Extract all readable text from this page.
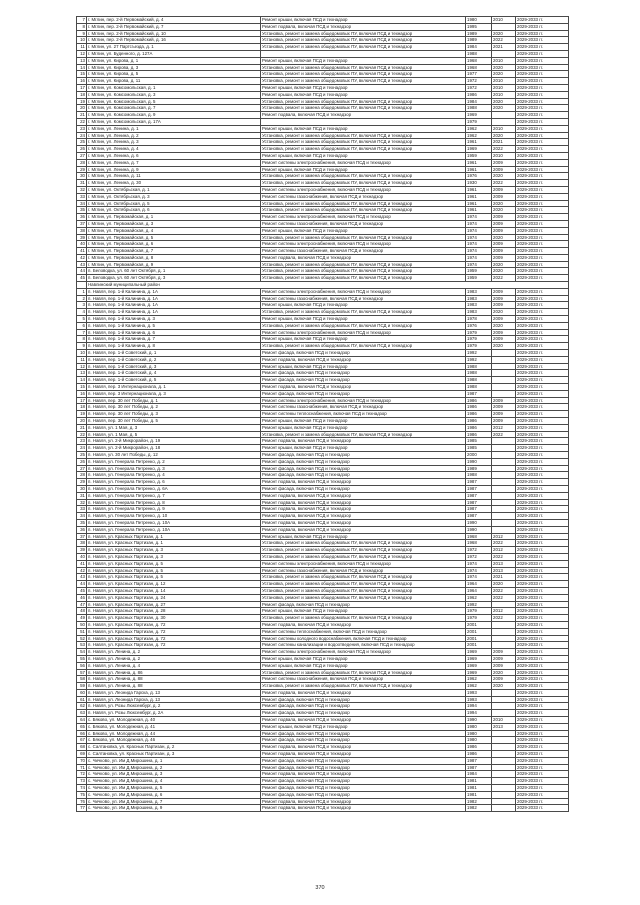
7	г. Мглин, пер. 2-й Первомайский, д. 4	Ремонт крыши, включая ПСД и технадзор	1980	2010	2029-2033 гг.
8	г. Мглин, пер. 2-й Первомайский, д. 7	Ремонт подвала, включая ПСД и технадзор	1995		2029-2033 гг.
9	г. Мглин, пер. 2-й Первомайский, д. 10	Установка, ремонт и замена общедомовых ПУ, включая ПСД и технадзор	1989	2020	2029-2033 гг.
10	г. Мглин, пер. 2-й Первомайский, д. 16	Установка, ремонт и замена общедомовых ПУ, включая ПСД и технадзор	1989	2022	2029-2033 гг.
11	г. Мглин, ул. 27 Партсъезда, д. 1	Установка, ремонт и замена общедомовых ПУ, включая ПСД и технадзор	1984	2021	2029-2033 гг.
12	г. Мглин, ул. Буденного, д. 127А		1988		2029-2033 гг.
13	г. Мглин, ул. Кирова, д. 1	Ремонт крыши, включая ПСД и технадзор	1968	2010	2029-2033 гг.
14	г. Мглин, ул. Кирова, д. 3	Установка, ремонт и замена общедомовых ПУ, включая ПСД и технадзор	1968	2020	2029-2033 гг.
15	г. Мглин, ул. Кирова, д. 5	Установка, ремонт и замена общедомовых ПУ, включая ПСД и технадзор	1977	2020	2029-2033 гг.
16	г. Мглин, ул. Кирова, д. 11	Установка, ремонт и замена общедомовых ПУ, включая ПСД и технадзор	1972	2010	2029-2033 гг.
17	г. Мглин, ул. Комсомольская, д. 1	Ремонт крыши, включая ПСД и технадзор	1972	2010	2029-2033 гг.
18	г. Мглин, ул. Комсомольская, д. 3	Ремонт крыши, включая ПСД и технадзор	1986	2010	2029-2033 гг.
19	г. Мглин, ул. Комсомольская, д. 5	Установка, ремонт и замена общедомовых ПУ, включая ПСД и технадзор	1984	2020	2029-2033 гг.
20	г. Мглин, ул. Комсомольская, д. 7	Установка, ремонт и замена общедомовых ПУ, включая ПСД и технадзор	1988	2020	2029-2033 гг.
21	г. Мглин, ул. Комсомольская, д. 9	Ремонт подвала, включая ПСД и технадзор	1969		2029-2033 гг.
22	г. Мглин, ул. Комсомольская, д. 17А		1979		2029-2033 гг.
23	г. Мглин, ул. Ленина, д. 1	Ремонт крыши, включая ПСД и технадзор	1962	2010	2029-2033 гг.
24	г. Мглин, ул. Ленина, д. 2	Установка, ремонт и замена общедомовых ПУ, включая ПСД и технадзор	1962	2020	2029-2033 гг.
25	г. Мглин, ул. Ленина, д. 3	Установка, ремонт и замена общедомовых ПУ, включая ПСД и технадзор	1961	2021	2029-2033 гг.
26	г. Мглин, ул. Ленина, д. 4	Установка, ремонт и замена общедомовых ПУ, включая ПСД и технадзор	1969	2022	2029-2033 гг.
27	г. Мглин, ул. Ленина, д. 6	Ремонт крыши, включая ПСД и технадзор	1959	2010	2029-2033 гг.
28	г. Мглин, ул. Ленина, д. 7	Ремонт системы электроснабжения, включая ПСД и технадзор	1961	2009	2029-2033 гг.
29	г. Мглин, ул. Ленина, д. 9	Ремонт крыши, включая ПСД и технадзор	1961	2009	2029-2033 гг.
30	г. Мглин, ул. Ленина, д. 11	Установка, ремонт и замена общедомовых ПУ, включая ПСД и технадзор	1976	2020	2029-2033 гг.
31	г. Мглин, ул. Ленина, д. 30	Установка, ремонт и замена общедомовых ПУ, включая ПСД и технадзор	1930	2022	2029-2033 гг.
32	г. Мглин, ул. Октябрьская, д. 1	Ремонт системы электроснабжения, включая ПСД и технадзор	1961	2009	2029-2033 гг.
33	г. Мглин, ул. Октябрьская, д. 3	Ремонт системы газоснабжения, включая ПСД и технадзор	1961	2009	2029-2033 гг.
34	г. Мглин, ул. Октябрьская, д. 5	Установка, ремонт и замена общедомовых ПУ, включая ПСД и технадзор	1961	2020	2029-2033 гг.
35	г. Мглин, ул. Октябрьская, д. 6	Установка, ремонт и замена общедомовых ПУ, включая ПСД и технадзор	1961	2020	2029-2033 гг.
36	г. Мглин, ул. Первомайская, д. 1	Ремонт системы электроснабжения, включая ПСД и технадзор	1974	2009	2029-2033 гг.
37	г. Мглин, ул. Первомайская, д. 3	Ремонт системы газоснабжения, включая ПСД и технадзор	1974	2009	2029-2033 гг.
38	г. Мглин, ул. Первомайская, д. 4	Ремонт крыши, включая ПСД и технадзор	1974	2009	2029-2033 гг.
39	г. Мглин, ул. Первомайская, д. 5	Установка, ремонт и замена общедомовых ПУ, включая ПСД и технадзор	1974	2020	2029-2033 гг.
40	г. Мглин, ул. Первомайская, д. 6	Ремонт системы электроснабжения, включая ПСД и технадзор	1974	2009	2029-2033 гг.
41	г. Мглин, ул. Первомайская, д. 7	Ремонт системы газоснабжения, включая ПСД и технадзор	1974	2009	2029-2033 гг.
42	г. Мглин, ул. Первомайская, д. 8	Ремонт подвала, включая ПСД и технадзор	1974	2009	2029-2033 гг.
43	г. Мглин, ул. Первомайская, д. 9	Установка, ремонт и замена общедомовых ПУ, включая ПСД и технадзор	1974	2020	2029-2033 гг.
44	п. Беловодка, ул. 60 лет Октября, д. 1	Установка, ремонт и замена общедомовых ПУ, включая ПСД и технадзор	1959	2020	2029-2033 гг.
45	п. Беловодка, ул. 60 лет Октября, д. 3	Установка, ремонт и замена общедомовых ПУ, включая ПСД и технадзор	1959	2022	2029-2033 гг.
	Навлинский муниципальный район				
1	п. Навля, пер. 1-й Калинина, д. 1А	Ремонт системы электроснабжения, включая ПСД и технадзор	1983	2009	2029-2033 гг.
2	п. Навля, пер. 1-й Калинина, д. 1А	Ремонт системы газоснабжения, включая ПСД и технадзор	1983	2009	2029-2033 гг.
3	п. Навля, пер. 1-й Калинина, д. 1А	Ремонт крыши, включая ПСД и технадзор	1983	2009	2029-2033 гг.
4	п. Навля, пер. 1-й Калинина, д. 1А	Установка, ремонт и замена общедомовых ПУ, включая ПСД и технадзор	1983	2020	2029-2033 гг.
5	п. Навля, пер. 1-й Калинина, д. 3	Ремонт крыши, включая ПСД и технадзор	1978	2009	2029-2033 гг.
6	п. Навля, пер. 1-й Калинина, д. 5	Установка, ремонт и замена общедомовых ПУ, включая ПСД и технадзор	1976	2020	2029-2033 гг.
7	п. Навля, пер. 1-й Калинина, д. 6	Ремонт системы электроснабжения, включая ПСД и технадзор	1979	2009	2029-2033 гг.
8	п. Навля, пер. 1-й Калинина, д. 7	Ремонт крыши, включая ПСД и технадзор	1979	2009	2029-2033 гг.
9	п. Навля, пер. 1-й Калинина, д. 8	Установка, ремонт и замена общедомовых ПУ, включая ПСД и технадзор	1979	2020	2029-2033 гг.
10	п. Навля, пер. 1-й Советский, д. 1	Ремонт фасада, включая ПСД и технадзор	1992		2029-2033 гг.
11	п. Навля, пер. 1-й Советский, д. 2	Ремонт подвала, включая ПСД и технадзор	1992		2029-2033 гг.
12	п. Навля, пер. 1-й Советский, д. 3	Ремонт крыши, включая ПСД и технадзор	1988		2029-2033 гг.
13	п. Навля, пер. 1-й Советский, д. 4	Ремонт фасада, включая ПСД и технадзор	1988		2029-2033 гг.
14	п. Навля, пер. 1-й Советский, д. 5	Ремонт фасада, включая ПСД и технадзор	1988		2029-2033 гг.
15	п. Навля, пер. 3 Интернационала, д. 1	Ремонт подвала, включая ПСД и технадзор	1988		2029-2033 гг.
16	п. Навля, пер. 3 Интернационала, д. 3	Ремонт фасада, включая ПСД и технадзор	1987		2029-2033 гг.
17	п. Навля, пер. 30 лет Победы, д. 1	Ремонт системы электроснабжения, включая ПСД и технадзор	1986	2009	2029-2033 гг.
18	п. Навля, пер. 30 лет Победы, д. 2	Ремонт системы газоснабжения, включая ПСД и технадзор	1986	2009	2029-2033 гг.
19	п. Навля, пер. 30 лет Победы, д. 3	Ремонт системы теплоснабжения, включая ПСД и технадзор	1986	2009	2029-2033 гг.
20	п. Навля, пер. 30 лет Победы, д. 5	Ремонт крыши, включая ПСД и технадзор	1986	2009	2029-2033 гг.
21	п. Навля, ул. 1 Мая, д. 3	Ремонт крыши, включая ПСД и технадзор	1986	2012	2029-2033 гг.
22	п. Навля, ул. 1 Мая, д. 5	Установка, ремонт и замена общедомовых ПУ, включая ПСД и технадзор	1986	2022	2029-2033 гг.
23	п. Навля, ул. 2-й Микрорайон, д. 19	Ремонт подвала, включая ПСД и технадзор	1985		2029-2033 гг.
24	п. Навля, ул. 2-й Микрорайон, д. 18	Ремонт крыши, включая ПСД и технадзор	1985		2029-2033 гг.
25	п. Навля, ул. 30 лет Победы, д. 12	Ремонт фасада, включая ПСД и технадзор	2000		2029-2033 гг.
26	п. Навля, ул. Генерала Петренко, д. 2	Ремонт фасада, включая ПСД и технадзор	1990		2029-2033 гг.
27	п. Навля, ул. Генерала Петренко, д. 3	Ремонт фасада, включая ПСД и технадзор	1989		2029-2033 гг.
28	п. Навля, ул. Генерала Петренко, д. 4	Ремонт фасада, включая ПСД и технадзор	1988		2029-2033 гг.
29	п. Навля, ул. Генерала Петренко, д. 6	Ремонт подвала, включая ПСД и технадзор	1987		2029-2033 гг.
30	п. Навля, ул. Генерала Петренко, д. 6А	Ремонт фасада, включая ПСД и технадзор	1987		2029-2033 гг.
31	п. Навля, ул. Генерала Петренко, д. 7	Ремонт подвала, включая ПСД и технадзор	1987		2029-2033 гг.
32	п. Навля, ул. Генерала Петренко, д. 8	Ремонт подвала, включая ПСД и технадзор	1987		2029-2033 гг.
33	п. Навля, ул. Генерала Петренко, д. 9	Ремонт подвала, включая ПСД и технадзор	1987		2029-2033 гг.
34	п. Навля, ул. Генерала Петренко, д. 10	Ремонт подвала, включая ПСД и технадзор	1987		2029-2033 гг.
35	п. Навля, ул. Генерала Петренко, д. 10А	Ремонт подвала, включая ПСД и технадзор	1990		2029-2033 гг.
36	п. Навля, ул. Генерала Петренко, д. 10А	Ремонт подвала, включая ПСД и технадзор	1990		2029-2033 гг.
37	п. Навля, ул. Красных Партизан, д. 1	Ремонт крыши, включая ПСД и технадзор	1968	2012	2029-2033 гг.
38	п. Навля, ул. Красных Партизан, д. 1	Установка, ремонт и замена общедомовых ПУ, включая ПСД и технадзор	1968	2022	2029-2033 гг.
39	п. Навля, ул. Красных Партизан, д. 3	Установка, ремонт и замена общедомовых ПУ, включая ПСД и технадзор	1972	2012	2029-2033 гг.
40	п. Навля, ул. Красных Партизан, д. 3	Установка, ремонт и замена общедомовых ПУ, включая ПСД и технадзор	1972	2022	2029-2033 гг.
41	п. Навля, ул. Красных Партизан, д. 5	Ремонт системы электроснабжения, включая ПСД и технадзор	1974	2013	2029-2033 гг.
42	п. Навля, ул. Красных Партизан, д. 5	Ремонт системы газоснабжения, включая ПСД и технадзор	1974	2013	2029-2033 гг.
43	п. Навля, ул. Красных Партизан, д. 5	Установка, ремонт и замена общедомовых ПУ, включая ПСД и технадзор	1974	2021	2029-2033 гг.
44	п. Навля, ул. Красных Партизан, д. 12	Установка, ремонт и замена общедомовых ПУ, включая ПСД и технадзор	1964	2020	2029-2033 гг.
45	п. Навля, ул. Красных Партизан, д. 14	Установка, ремонт и замена общедомовых ПУ, включая ПСД и технадзор	1964	2022	2029-2033 гг.
46	п. Навля, ул. Красных Партизан, д. 24	Установка, ремонт и замена общедомовых ПУ, включая ПСД и технадзор	1962	2022	2029-2033 гг.
47	п. Навля, ул. Красных Партизан, д. 27	Ремонт фасада, включая ПСД и технадзор	1992		2029-2033 гг.
48	п. Навля, ул. Красных Партизан, д. 28	Ремонт крыши, включая ПСД и технадзор	1979	2012	2029-2033 гг.
49	п. Навля, ул. Красных Партизан, д. 30	Установка, ремонт и замена общедомовых ПУ, включая ПСД и технадзор	1979	2022	2029-2033 гг.
50	п. Навля, ул. Красных Партизан, д. 72	Ремонт подвала, включая ПСД и технадзор	2001		2029-2033 гг.
51	п. Навля, ул. Красных Партизан, д. 72	Ремонт системы теплоснабжения, включая ПСД и технадзор	2001		2029-2033 гг.
52	п. Навля, ул. Красных Партизан, д. 72	Ремонт системы холодного водоснабжения, включая ПСД и технадзор	2001		2029-2033 гг.
53	п. Навля, ул. Красных Партизан, д. 72	Ремонт системы канализации и водоотведения, включая ПСД и технадзор	2001		2029-2033 гг.
54	п. Навля, ул. Ленина, д. 2	Ремонт системы электроснабжения, включая ПСД и технадзор	1969	2009	2029-2033 гг.
55	п. Навля, ул. Ленина, д. 2	Ремонт крыши, включая ПСД и технадзор	1969	2009	2029-2033 гг.
56	п. Навля, ул. Ленина, д. 4	Ремонт крыши, включая ПСД и технадзор	1969	2009	2029-2033 гг.
57	п. Навля, ул. Ленина, д. 86	Установка, ремонт и замена общедомовых ПУ, включая ПСД и технадзор	1969	2020	2029-2033 гг.
58	п. Навля, ул. Ленина, д. 88	Ремонт системы газоснабжения, включая ПСД и технадзор	1962	2009	2029-2033 гг.
59	п. Навля, ул. Ленина, д. 88	Установка, ремонт и замена общедомовых ПУ, включая ПСД и технадзор	1962	2020	2029-2033 гг.
60	п. Навля, ул. Леонида Гарска, д. 13	Ремонт подвала, включая ПСД и технадзор	1993		2029-2033 гг.
61	п. Навля, ул. Леонида Гарска, д. 13	Ремонт фасада, включая ПСД и технадзор	1993		2029-2033 гг.
62	п. Навля, ул. Розы Люксембург, д. 2	Ремонт фасада, включая ПСД и технадзор	1994		2029-2033 гг.
63	п. Навля, ул. Розы Люксембург, д. 2А	Ремонт фасада, включая ПСД и технадзор	1994		2029-2033 гг.
64	с. Бяково, ул. Молодежная, д. 40	Ремонт подвала, включая ПСД и технадзор	1990	2010	2029-2033 гг.
65	с. Бяково, ул. Молодежная, д. 41	Ремонт крыши, включая ПСД и технадзор	1980	2013	2029-2033 гг.
66	с. Бяково, ул. Молодежная, д. 44	Ремонт фасада, включая ПСД и технадзор	1980		2029-2033 гг.
67	с. Бяково, ул. Молодежная, д. 46	Ремонт фасада, включая ПСД и технадзор	1980		2029-2033 гг.
68	с. Салтановка, ул. Красных Партизан, д. 2	Ремонт подвала, включая ПСД и технадзор	1986		2029-2033 гг.
69	с. Салтановка, ул. Красных Партизан, д. 3	Ремонт подвала, включая ПСД и технадзор	1986		2029-2033 гг.
70	с. Чичково, ул. Им Д.Мирошина, д. 1	Ремонт фасада, включая ПСД и технадзор	1987		2029-2033 гг.
71	с. Чичково, ул. Им Д.Мирошина, д. 2	Ремонт фасада, включая ПСД и технадзор	1987		2029-2033 гг.
72	с. Чичково, ул. Им Д.Мирошина, д. 3	Ремонт подвала, включая ПСД и технадзор	1984		2029-2033 гг.
73	с. Чичково, ул. Им Д.Мирошина, д. 4	Ремонт фасада, включая ПСД и технадзор	1981		2029-2033 гг.
74	с. Чичково, ул. Им Д.Мирошина, д. 5	Ремонт фасада, включая ПСД и технадзор	1981		2029-2033 гг.
75	с. Чичково, ул. Им Д.Мирошина, д. 6	Ремонт фасада, включая ПСД и технадзор	1981		2029-2033 гг.
76	с. Чичково, ул. Им Д.Мирошина, д. 7	Ремонт подвала, включая ПСД и технадзор	1982		2029-2033 гг.
77	с. Чичково, ул. Им Д.Мирошина, д. 9	Ремонт подвала, включая ПСД и технадзор	1982		2029-2033 гг.
370
